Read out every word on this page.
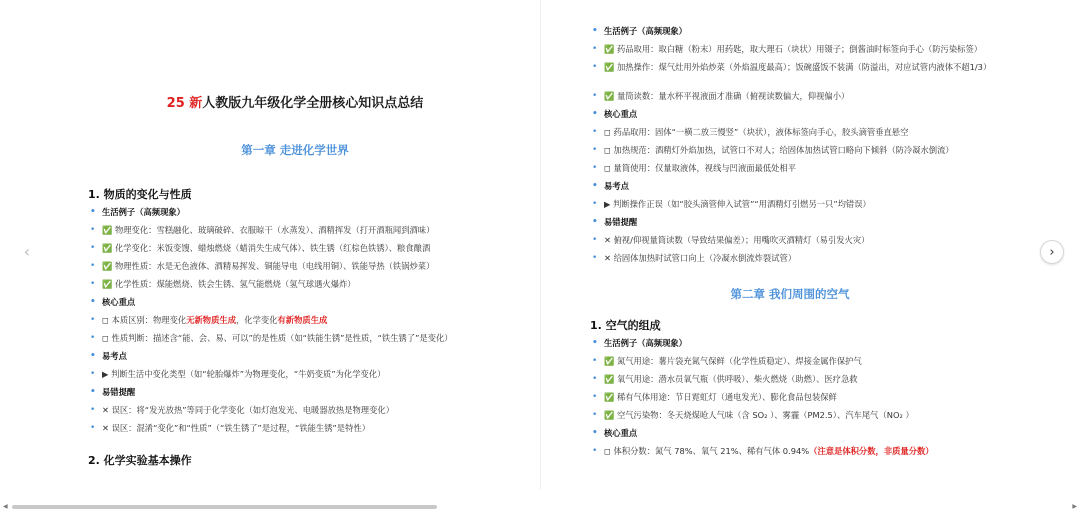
25 新人教版九年级化学全册核心知识点总结
第一章 走进化学世界
1. 物质的变化与性质
• 生活例子（高频现象）
• ✅ 物理变化：雪糕融化、玻璃破碎、衣服晾干（水蒸发）、酒精挥发（打开酒瓶闻到酒味）
• ✅ 化学变化：米饭变馊、蜡烛燃烧（蜡消失生成气体）、铁生锈（红棕色铁锈）、粮食酿酒
• ✅ 物理性质：水是无色液体、酒精易挥发、铜能导电（电线用铜）、铁能导热（铁锅炒菜）
• ✅ 化学性质：煤能燃烧、铁会生锈、氢气能燃烧（氢气球遇火爆炸）
• 核心重点
• ◻ 本质区别：物理变化无新物质生成，化学变化有新物质生成
• ◻ 性质判断：描述含“能、会、易、可以”的是性质（如“铁能生锈”是性质，“铁生锈了”是变化）
• 易考点
• ▶ 判断生活中变化类型（如“轮胎爆炸”为物理变化，“牛奶变质”为化学变化）
• 易错提醒
• ✕ 误区：将“发光放热”等同于化学变化（如灯泡发光、电暖器放热是物理变化）
• ✕ 误区：混淆“变化”和“性质”（“铁生锈了”是过程，“铁能生锈”是特性）
2. 化学实验基本操作
• 生活例子（高频现象）
• ✅ 药品取用：取白糖（粉末）用药匙，取大理石（块状）用镊子；倒酱油时标签向手心（防污染标签）
• ✅ 加热操作：煤气灶用外焰炒菜（外焰温度最高）；饭碗盛饭不装满（防溢出，对应试管内液体不超1/3）
• ✅ 量筒读数：量水杯平视液面才准确（俯视读数偏大，仰视偏小）
• 核心重点
• ◻ 药品取用：固体“一横二放三慢竖”（块状），液体标签向手心，胶头滴管垂直悬空
• ◻ 加热规范：酒精灯外焰加热，试管口不对人；给固体加热试管口略向下倾斜（防冷凝水倒流）
• ◻ 量筒使用：仅量取液体，视线与凹液面最低处相平
• 易考点
• ▶ 判断操作正误（如“胶头滴管伸入试管”“用酒精灯引燃另一只”均错误）
• 易错提醒
• ✕ 俯视/仰视量筒读数（导致结果偏差）；用嘴吹灭酒精灯（易引发火灾）
• ✕ 给固体加热时试管口向上（冷凝水倒流炸裂试管）
第二章 我们周围的空气
1. 空气的组成
• 生活例子（高频现象）
• ✅ 氮气用途：薯片袋充氮气保鲜（化学性质稳定）、焊接金属作保护气
• ✅ 氧气用途：潜水员氧气瓶（供呼吸）、柴火燃烧（助燃）、医疗急救
• ✅ 稀有气体用途：节日霓虹灯（通电发光）、膨化食品包装保鲜
• ✅ 空气污染物：冬天烧煤呛人气味（含 SO₂ ）、雾霾（PM2.5）、汽车尾气（NO₂ ）
• 核心重点
• ◻ 体积分数：氮气 78%、氧气 21%、稀有气体 0.94%（注意是体积分数，非质量分数）
‹	›
◀	▶
